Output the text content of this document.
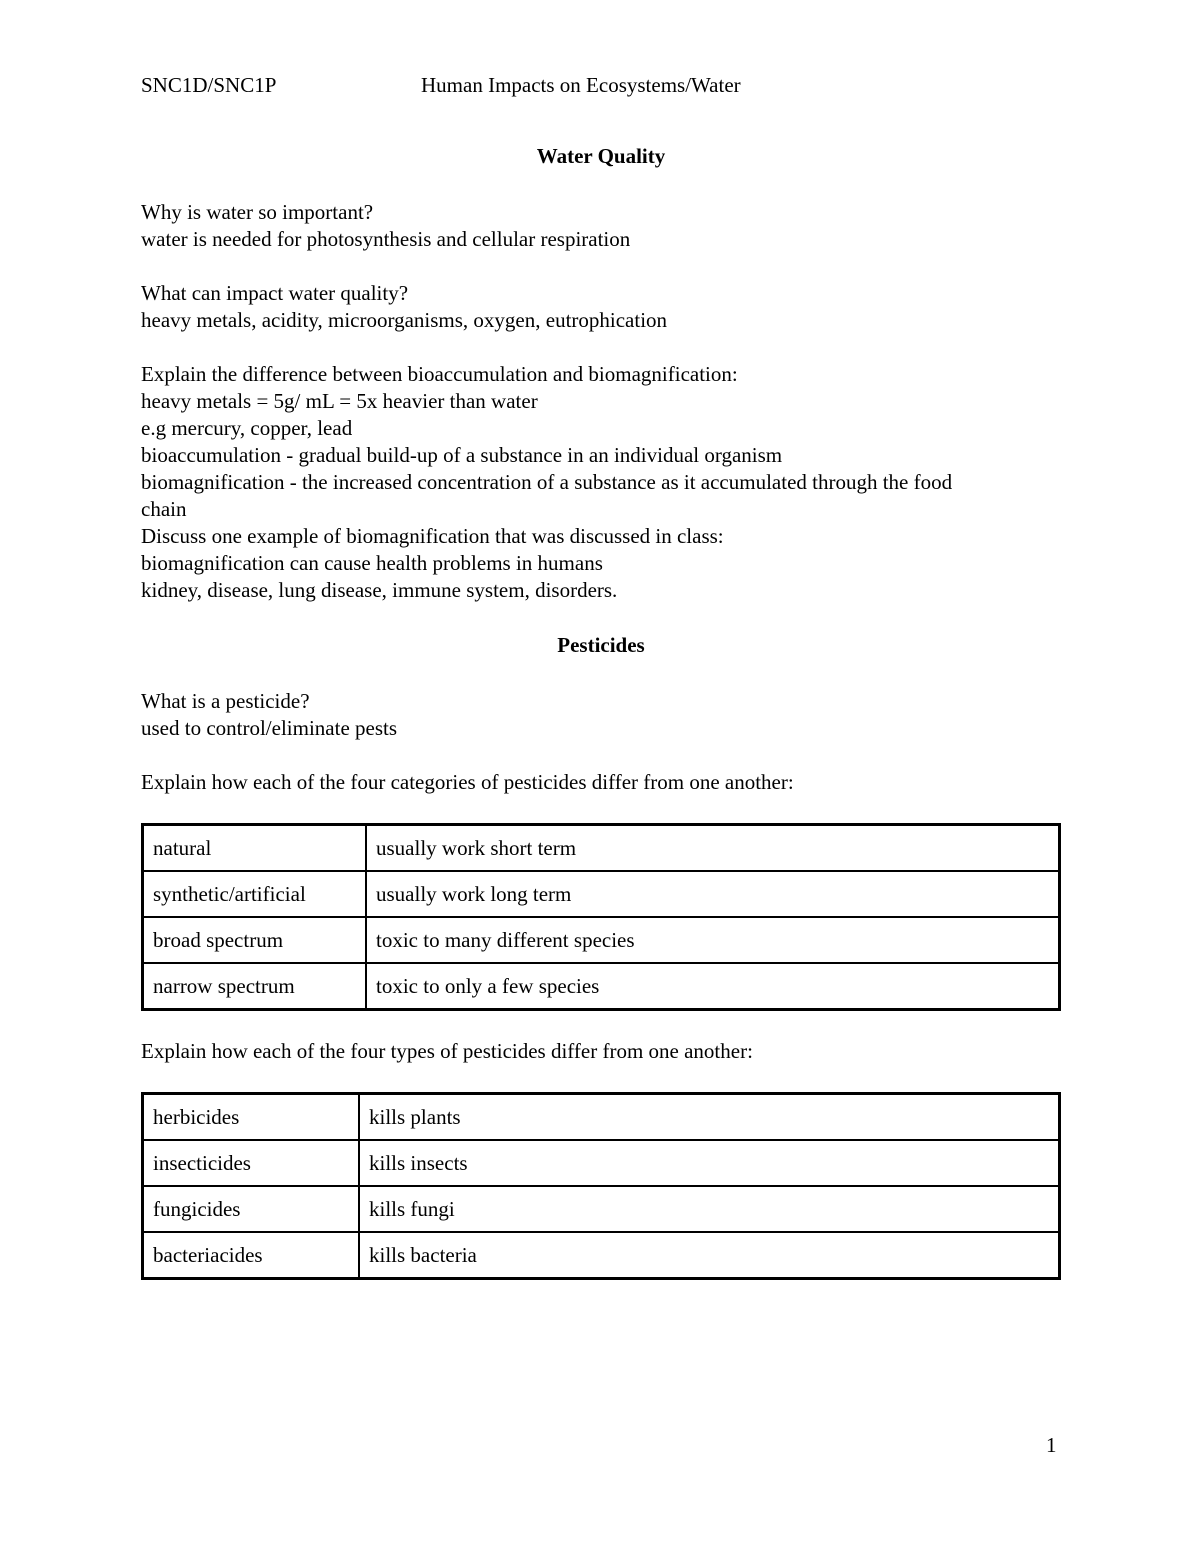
SNC1D/SNC1P	Human Impacts on Ecosystems/Water

Water Quality

Why is water so important?

water is needed for photosynthesis and cellular respiration

What can impact water quality?

heavy metals, acidity, microorganisms, oxygen, eutrophication

Explain the difference between bioaccumulation and biomagnification:

heavy metals = 5g/ mL = 5x heavier than water

e.g mercury, copper, lead

bioaccumulation - gradual build-up of a substance in an individual organism

biomagnification - the increased concentration of a substance as it accumulated through the food

chain

Discuss one example of biomagnification that was discussed in class:

biomagnification can cause health problems in humans

kidney, disease, lung disease, immune system, disorders.

Pesticides

What is a pesticide?

used to control/eliminate pests

Explain how each of the four categories of pesticides differ from one another:

natural	usually work short term
synthetic/artificial	usually work long term
broad spectrum	toxic to many different species
narrow spectrum	toxic to only a few species

Explain how each of the four types of pesticides differ from one another:

herbicides	kills plants
insecticides	kills insects
fungicides	kills fungi
bacteriacides	kills bacteria
1
